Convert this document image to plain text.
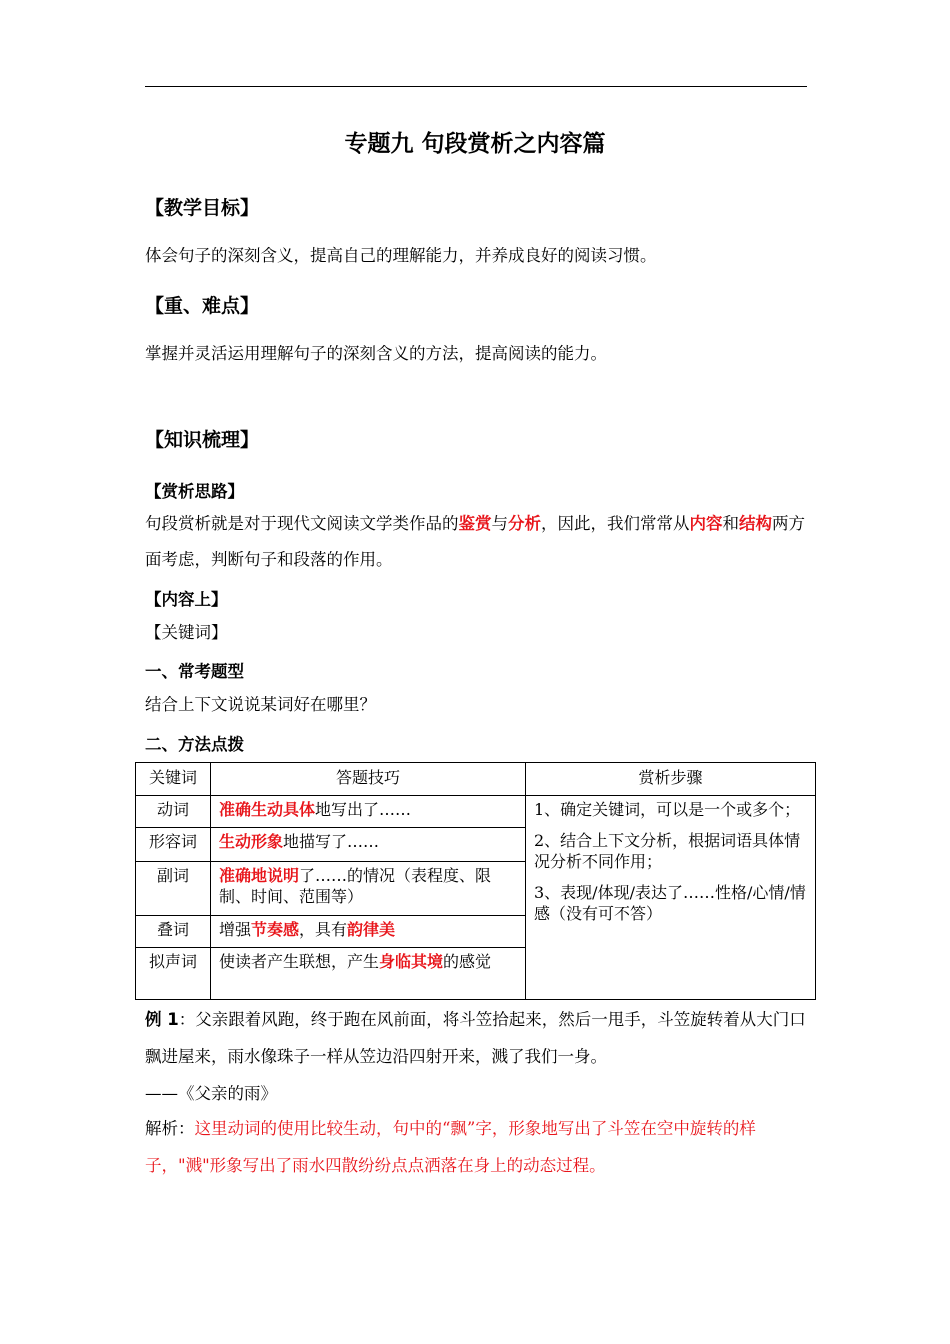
专题九 句段赏析之内容篇
【教学目标】
体会句子的深刻含义，提高自己的理解能力，并养成良好的阅读习惯。
【重、难点】
掌握并灵活运用理解句子的深刻含义的方法，提高阅读的能力。
【知识梳理】
【赏析思路】
句段赏析就是对于现代文阅读文学类作品的鉴赏与分析，因此，我们常常从内容和结构两方面考虑，判断句子和段落的作用。
【内容上】
【关键词】
一、常考题型
结合上下文说说某词好在哪里？
二、方法点拨
关键词	答题技巧	赏析步骤
动词	准确生动具体地写出了……	1、确定关键词，可以是一个或多个；
2、结合上下文分析，根据词语具体情况分析不同作用；
3、表现/体现/表达了……性格/心情/情感（没有可不答）

形容词	生动形象地描写了……	
副词	准确地说明了……的情况（表程度、限制、时间、范围等）	
叠词	增强节奏感，具有韵律美	
拟声词	使读者产生联想，产生身临其境的感觉	
例 1：父亲跟着风跑，终于跑在风前面，将斗笠拾起来，然后一甩手，斗笠旋转着从大门口飘进屋来，雨水像珠子一样从笠边沿四射开来，溅了我们一身。
——《父亲的雨》
解析：这里动词的使用比较生动，句中的“飘”字，形象地写出了斗笠在空中旋转的样子，"溅"形象写出了雨水四散纷纷点点洒落在身上的动态过程。
